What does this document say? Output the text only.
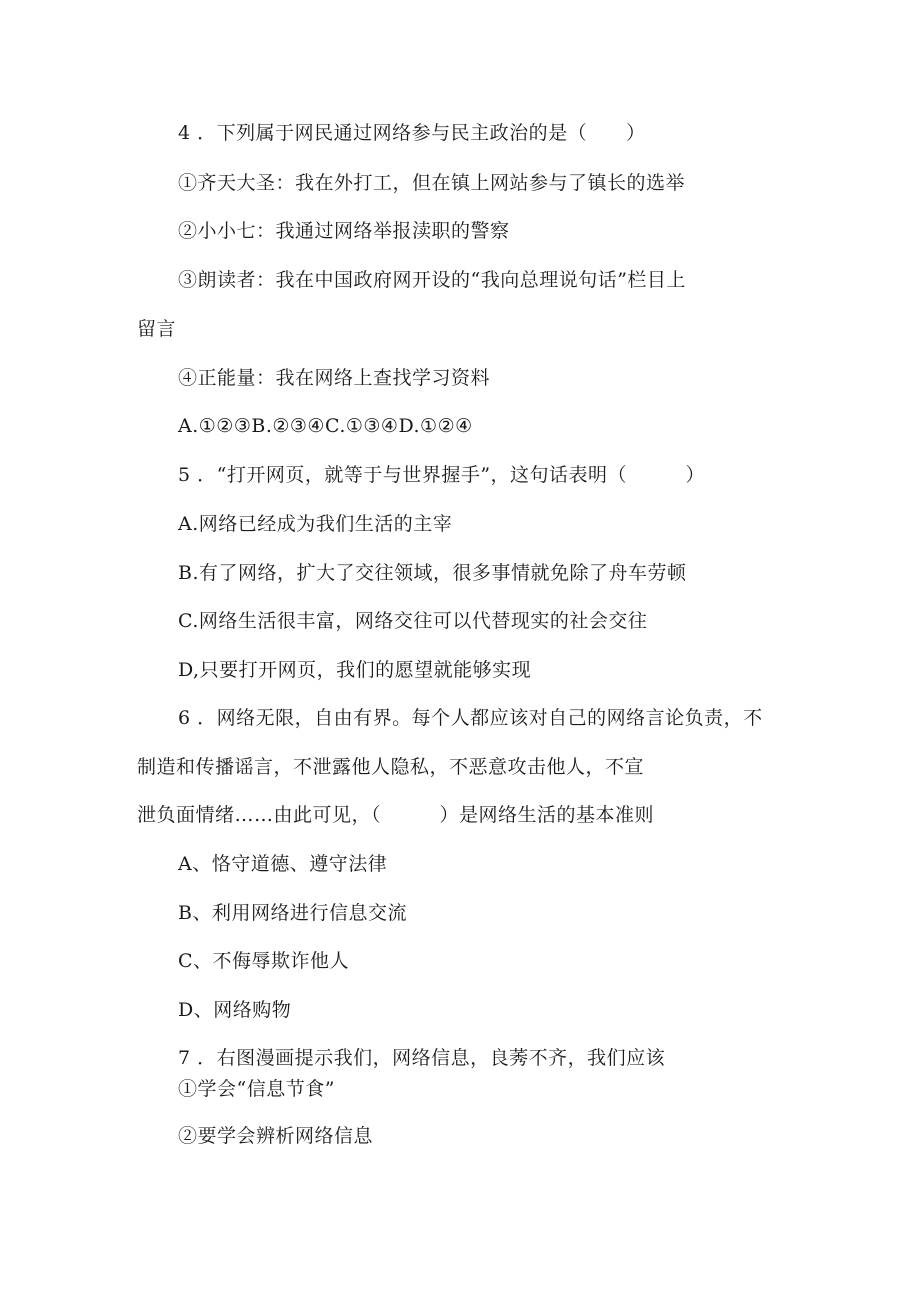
4 ．下列属于网民通过网络参与民主政治的是（　　）
①齐天大圣：我在外打工，但在镇上网站参与了镇长的选举
②小小七：我通过网络举报渎职的警察
③朗读者：我在中国政府网开设的“我向总理说句话”栏目上
留言
④正能量：我在网络上查找学习资料
A.①②③B.②③④C.①③④D.①②④
5 ．“打开网页，就等于与世界握手”，这句话表明（　　　）
A.网络已经成为我们生活的主宰
B.有了网络，扩大了交往领域，很多事情就免除了舟车劳顿
C.网络生活很丰富，网络交往可以代替现实的社会交往
D,只要打开网页，我们的愿望就能够实现
6 ．网络无限，自由有界。每个人都应该对自己的网络言论负责，不
制造和传播谣言，不泄露他人隐私，不恶意攻击他人，不宣
泄负面情绪……由此可见，（　　　）是网络生活的基本准则
A、恪守道德、遵守法律
B、利用网络进行信息交流
C、不侮辱欺诈他人
D、网络购物
7 ．右图漫画提示我们，网络信息，良莠不齐，我们应该
①学会“信息节食”
②要学会辨析网络信息
